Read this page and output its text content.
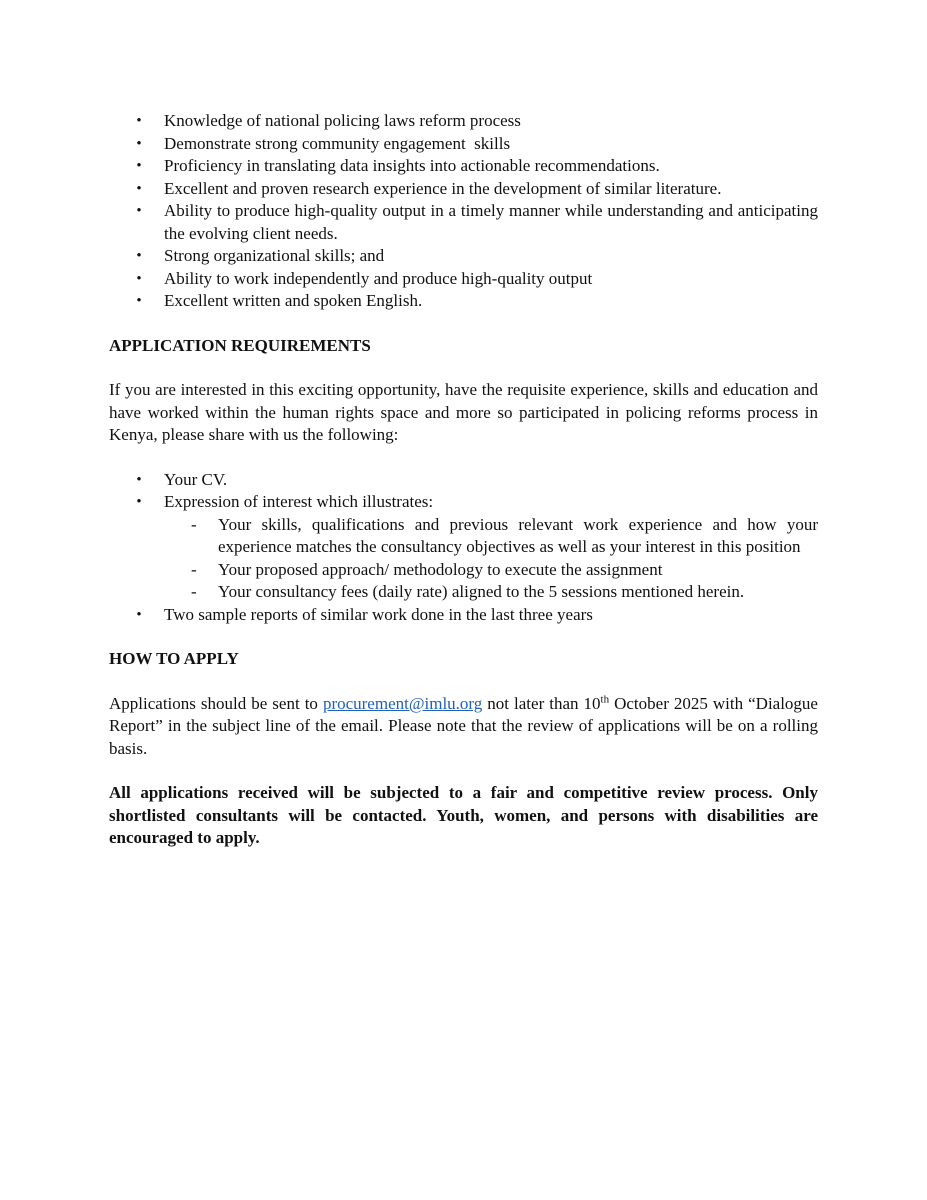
• Knowledge of national policing laws reform process
• Demonstrate strong community engagement  skills
• Proficiency in translating data insights into actionable recommendations.
• Excellent and proven research experience in the development of similar literature.
• Ability to produce high-quality output in a timely manner while understanding and anticipating the evolving client needs.
• Strong organizational skills; and
• Ability to work independently and produce high-quality output
• Excellent written and spoken English.

APPLICATION REQUIREMENTS

If you are interested in this exciting opportunity, have the requisite experience, skills and education and have worked within the human rights space and more so participated in policing reforms process in Kenya, please share with us the following:

• Your CV.
• Expression of interest which illustrates:
- Your skills, qualifications and previous relevant work experience and how your experience matches the consultancy objectives as well as your interest in this position
- Your proposed approach/ methodology to execute the assignment
- Your consultancy fees (daily rate) aligned to the 5 sessions mentioned herein.
• Two sample reports of similar work done in the last three years

HOW TO APPLY

Applications should be sent to procurement@imlu.org not later than 10th October 2025 with “Dialogue Report” in the subject line of the email. Please note that the review of applications will be on a rolling basis.

All applications received will be subjected to a fair and competitive review process. Only shortlisted consultants will be contacted. Youth, women, and persons with disabilities are encouraged to apply.
